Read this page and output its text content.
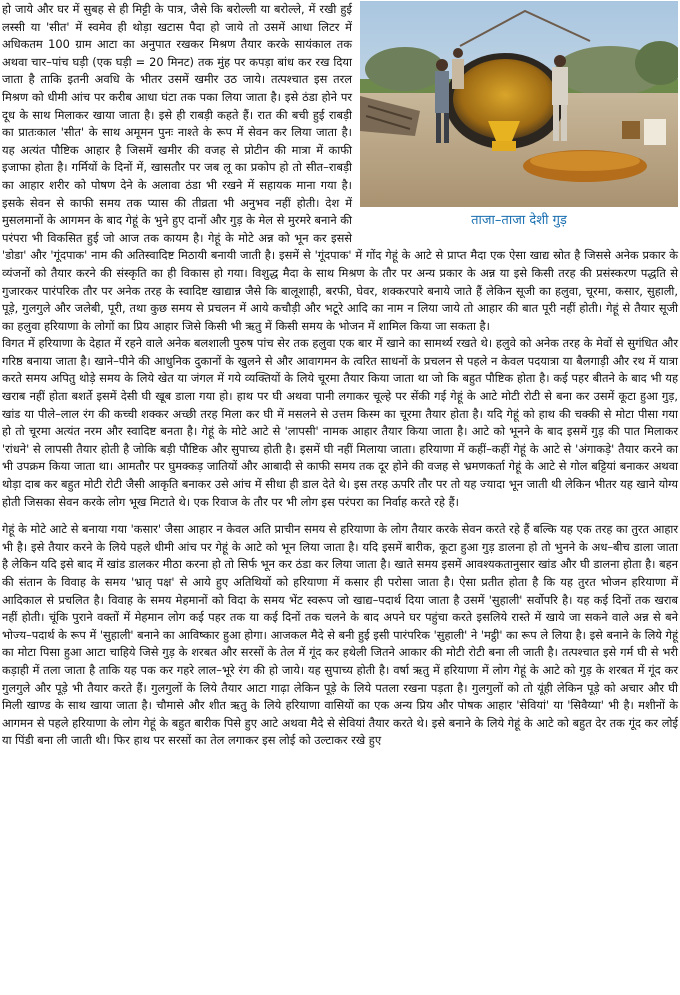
ताजा–ताजा देशी गुड़

हो जाये और घर में सुबह से ही मिट्टी के पात्र, जैसे कि बरोल्ली या बरोल्ले, में रखी हुई लस्सी या 'सीत' में स्वमेव ही थोड़ा खटास पैदा हो जाये तो उसमें आधा लिटर में अधिकतम 100 ग्राम आटा का अनुपात रखकर मिश्रण तैयार करके सायंकाल तक अथवा चार–पांच घड़ी (एक घड़ी = 20 मिनट) तक मुंह पर कपड़ा बांध कर रख दिया जाता है ताकि इतनी अवधि के भीतर उसमें खमीर उठ जाये। तत्पश्चात इस तरल मिश्रण को धीमी आंच पर करीब आधा घंटा तक पका लिया जाता है। इसे ठंडा होने पर दूध के साथ मिलाकर खाया जाता है। इसे ही राबड़ी कहते हैं। रात की बची हुई राबड़ी का प्रातःकाल 'सीत' के साथ अमूमन पुनः नाश्ते के रूप में सेवन कर लिया जाता है। यह अत्यंत पौष्टिक आहार है जिसमें खमीर की वजह से प्रोटीन की मात्रा में काफी इजाफा होता है। गर्मियों के दिनों में, खासतौर पर जब लू का प्रकोप हो तो सीत–राबड़ी का आहार शरीर को पोषण देने के अलावा ठंडा भी रखने में सहायक माना गया है। इसके सेवन से काफी समय तक प्यास की तीव्रता भी अनुभव नहीं होती। देश में मुसलमानों के आगमन के बाद गेहूं के भुने हुए दानों और गुड़ के मेल से मुरमरे बनाने की परंपरा भी विकसित हुई जो आज तक कायम है। गेहूं के मोटे अन्न को भून कर इससे 'डोडा' और 'गूंदपाक' नाम की अतिस्वादिष्ट मिठायी बनायी जाती है। इसमें से 'गूंदपाक' में गोंद गेहूं के आटे से प्राप्त मैदा एक ऐसा खाद्य स्रोत है जिससे अनेक प्रकार के व्यंजनों को तैयार करने की संस्कृति का ही विकास हो गया। विशुद्ध मैदा के साथ मिश्रण के तौर पर अन्य प्रकार के अन्न या इसे किसी तरह की प्रसंस्करण पद्धति से गुजारकर पारंपरिक तौर पर अनेक तरह के स्वादिष्ट खाद्यान्न जैसे कि बालूशाही, बरफी, घेवर, शक्करपारे बनाये जाते हैं लेकिन सूजी का हलुवा, चूरमा, कसार, सुहाली, पूड़े, गुलगुले और जलेबी, पूरी, तथा कुछ समय से प्रचलन में आये कचौड़ी और भटूरे आदि का नाम न लिया जाये तो आहार की बात पूरी नहीं होती। गेहूं से तैयार सूजी का हलुवा हरियाणा के लोगों का प्रिय आहार जिसे किसी भी ऋतु में किसी समय के भोजन में शामिल किया जा सकता है।

विगत में हरियाणा के देहात में रहने वाले अनेक बलशाली पुरुष पांच सेर तक हलुवा एक बार में खाने का सामर्थ्य रखते थे। हलुवे को अनेक तरह के मेवों से सुगंधित और गरिष्ठ बनाया जाता है। खाने–पीने की आधुनिक दुकानों के खुलने से और आवागमन के त्वरित साधनों के प्रचलन से पहले न केवल पदयात्रा या बैलगाड़ी और रथ में यात्रा करते समय अपितु थोड़े समय के लिये खेत या जंगल में गये व्यक्तियों के लिये चूरमा तैयार किया जाता था जो कि बहुत पौष्टिक होता है। कई पहर बीतने के बाद भी यह खराब नहीं होता बशर्ते इसमें देसी घी खूब डाला गया हो। हाथ पर घी अथवा पानी लगाकर चूल्हे पर सेंकी गई गेहूं के आटे मोटी रोटी से बना कर उसमें कूटा हुआ गुड़, खांड या पीले–लाल रंग की कच्ची शक्कर अच्छी तरह मिला कर घी में मसलने से उत्तम किस्म का चूरमा तैयार होता है। यदि गेहूं को हाथ की चक्की से मोटा पीसा गया हो तो चूरमा अत्यंत नरम और स्वादिष्ट बनता है। गेहूं के मोटे आटे से 'लापसी' नामक आहार तैयार किया जाता है। आटे को भूनने के बाद इसमें गुड़ की पात मिलाकर 'रांधने' से लापसी तैयार होती है जोकि बड़ी पौष्टिक और सुपाच्य होती है। इसमें घी नहीं मिलाया जाता। हरियाणा में कहीं–कहीं गेहूं के आटे से 'अंगाकड़े' तैयार करने का भी उपक्रम किया जाता था। आमतौर पर घुमक्कड़ जातियों और आबादी से काफी समय तक दूर होने की वजह से भ्रमणकर्ता गेहूं के आटे से गोल बट्टियां बनाकर अथवा थोड़ा दाब कर बहुत मोटी रोटी जैसी आकृति बनाकर उसे आंच में सीधा ही डाल देते थे। इस तरह ऊपरि तौर पर तो यह ज्यादा भून जाती थी लेकिन भीतर यह खाने योग्य होती जिसका सेवन करके लोग भूख मिटाते थे। एक रिवाज के तौर पर भी लोग इस परंपरा का निर्वाह करते रहे हैं।

गेहूं के मोटे आटे से बनाया गया 'कसार' जैसा आहार न केवल अति प्राचीन समय से हरियाणा के लोग तैयार करके सेवन करते रहे हैं बल्कि यह एक तरह का तुरत आहार भी है। इसे तैयार करने के लिये पहले धीमी आंच पर गेहूं के आटे को भून लिया जाता है। यदि इसमें बारीक, कूटा हुआ गुड़ डालना हो तो भुनने के अध–बीच डाला जाता है लेकिन यदि इसे बाद में खांड डालकर मीठा करना हो तो सिर्फ भून कर ठंडा कर लिया जाता है। खाते समय इसमें आवश्यकतानुसार खांड और घी डालना होता है। बहन की संतान के विवाह के समय 'भ्रातृ पक्ष' से आये हुए अतिथियों को हरियाणा में कसार ही परोसा जाता है। ऐसा प्रतीत होता है कि यह तुरत भोजन हरियाणा में आदिकाल से प्रचलित है। विवाह के समय मेहमानों को विदा के समय भेंट स्वरूप जो खाद्य–पदार्थ दिया जाता है उसमें 'सुहाली' सर्वोपरि है। यह कई दिनों तक खराब नहीं होती। चूंकि पुराने वक्तों में मेहमान लोग कई पहर तक या कई दिनों तक चलने के बाद अपने घर पहुंचा करते इसलिये रास्ते में खाये जा सकने वाले अन्न से बने भोज्य–पदार्थ के रूप में 'सुहाली' बनाने का आविष्कार हुआ होगा। आजकल मैदे से बनी हुई इसी पारंपरिक 'सुहाली' ने 'मट्ठी' का रूप ले लिया है। इसे बनाने के लिये गेहूं का मोटा पिसा हुआ आटा चाहिये जिसे गुड़ के शरबत और सरसों के तेल में गूंद कर हथेली जितने आकार की मोटी रोटी बना ली जाती है। तत्पश्चात इसे गर्म घी से भरी कड़ाही में तला जाता है ताकि यह पक कर गहरे लाल–भूरे रंग की हो जाये। यह सुपाच्य होती है। वर्षा ऋतु में हरियाणा में लोग गेहूं के आटे को गुड़ के शरबत में गूंद कर गुलगुले और पूड़े भी तैयार करते हैं। गुलगुलों के लिये तैयार आटा गाढ़ा लेकिन पूड़े के लिये पतला रखना पड़ता है। गुलगुलों को तो यूंही लेकिन पूड़े को अचार और घी मिली खाण्ड के साथ खाया जाता है। चौमासे और शीत ऋतु के लिये हरियाणा वासियों का एक अन्य प्रिय और पोषक आहार 'सेवियां' या 'सिवैय्या' भी है। मशीनों के आगमन से पहले हरियाणा के लोग गेहूं के बहुत बारीक पिसे हुए आटे अथवा मैदे से सेवियां तैयार करते थे। इसे बनाने के लिये गेहूं के आटे को बहुत देर तक गूंद कर लोई या पिंडी बना ली जाती थी। फिर हाथ पर सरसों का तेल लगाकर इस लोई को उल्टाकर रखे हुए
